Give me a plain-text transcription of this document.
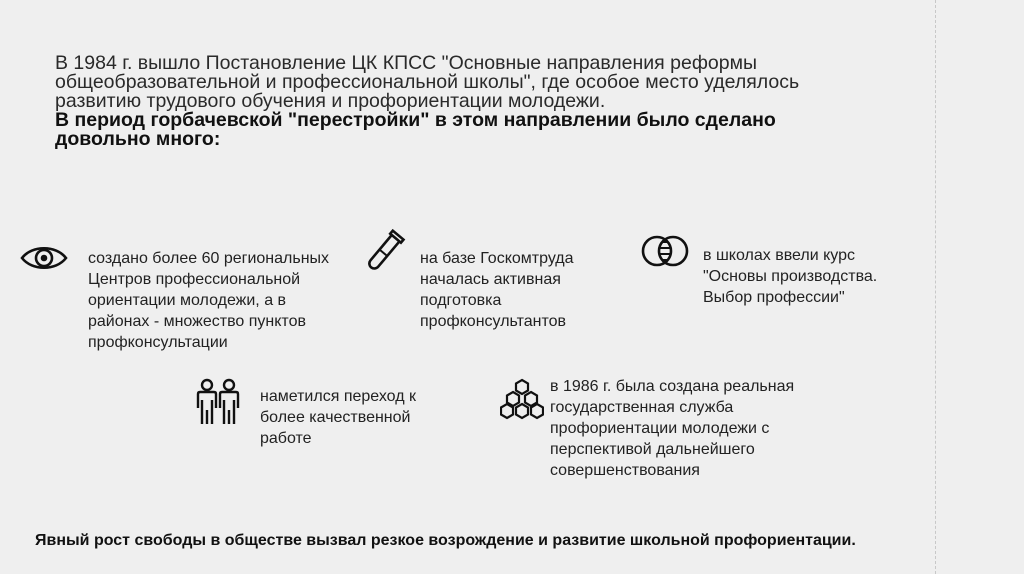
В 1984 г. вышло Постановление ЦК КПСС "Основные направления реформы общеобразовательной и профессиональной школы", где особое место уделялось развитию трудового обучения и профориентации молодежи.
В период горбачевской "перестройки" в этом направлении было сделано довольно много:
создано более 60 региональных Центров профессиональной ориентации молодежи, а в районах - множество пунктов профконсультации
на базе Госкомтруда началась активная подготовка профконсультантов
в школах ввели курс "Основы производства. Выбор профессии"
наметился переход к более качественной работе
в 1986 г. была создана реальная государственная служба профориентации молодежи с перспективой дальнейшего совершенствования
Явный рост свободы в обществе вызвал резкое возрождение и развитие школьной профориентации.
